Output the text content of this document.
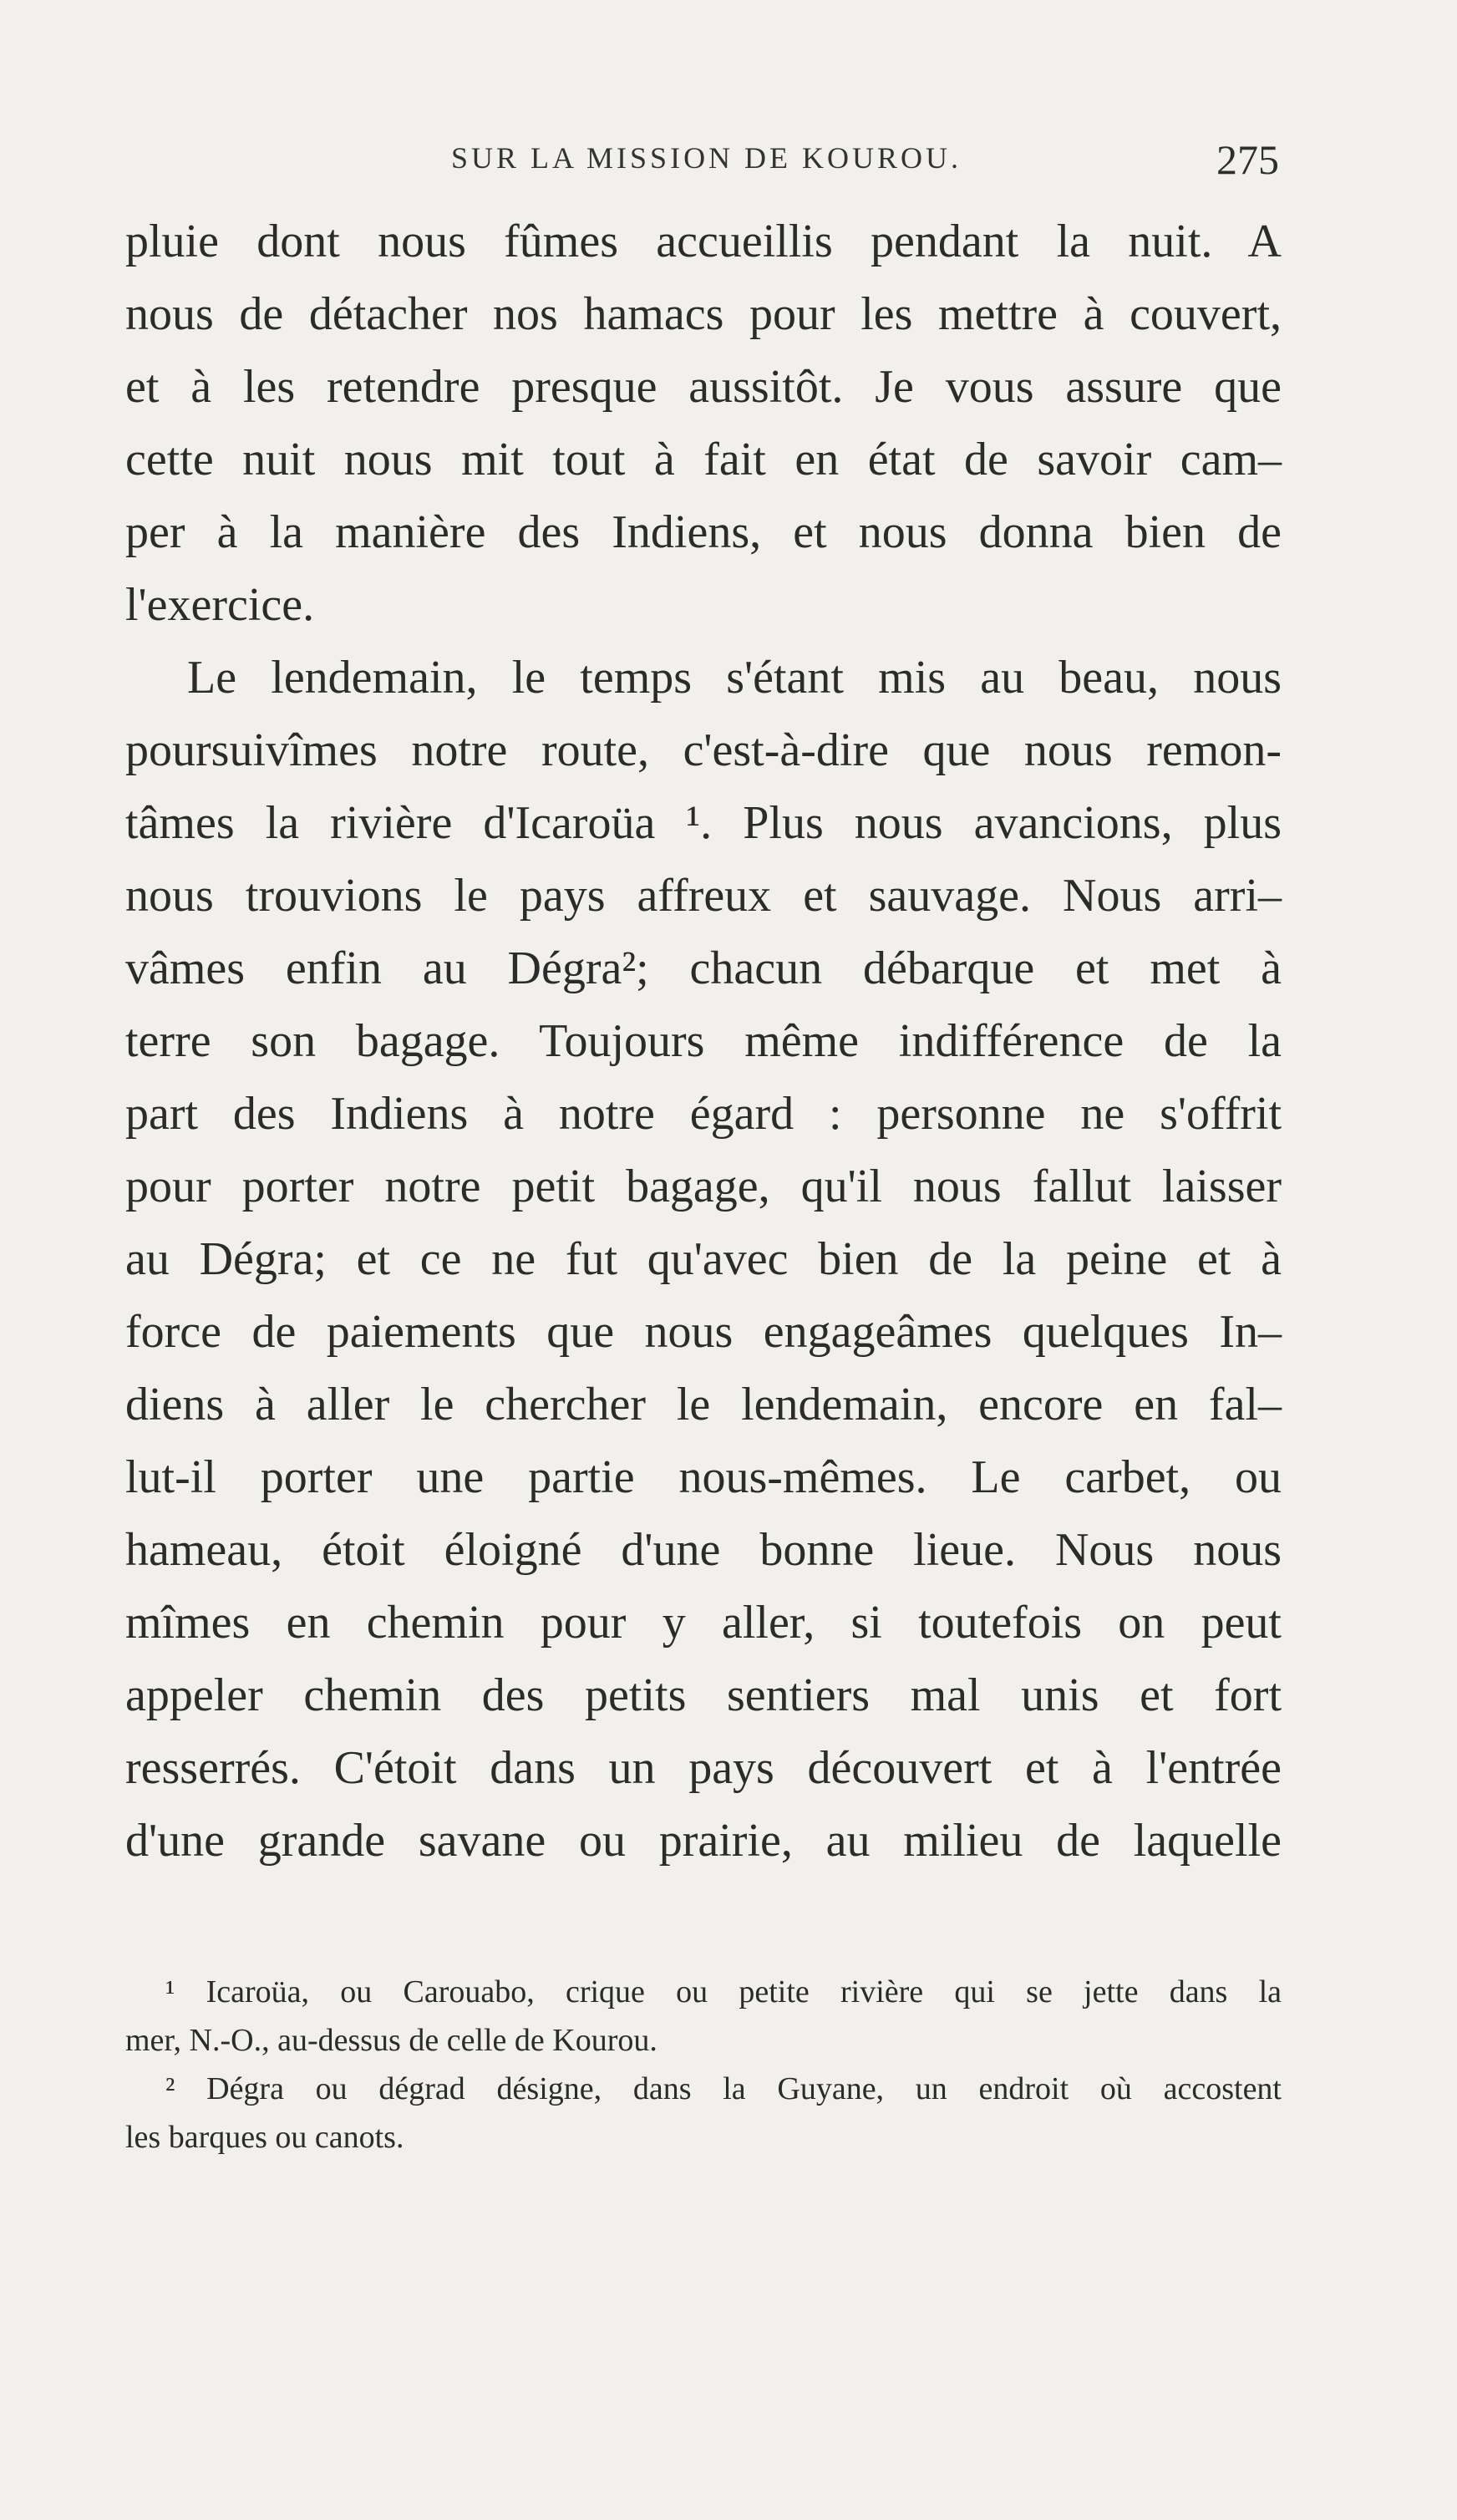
SUR LA MISSION DE KOUROU.	275
pluie dont nous fûmes accueillis pendant la nuit. A
nous de détacher nos hamacs pour les mettre à couvert,
et à les retendre presque aussitôt. Je vous assure que
cette nuit nous mit tout à fait en état de savoir cam–
per à la manière des Indiens, et nous donna bien de
l'exercice.
Le lendemain, le temps s'étant mis au beau, nous
poursuivîmes notre route, c'est-à-dire que nous remon-
tâmes la rivière d'Icaroüa ¹. Plus nous avancions, plus
nous trouvions le pays affreux et sauvage. Nous arri–
vâmes enfin au Dégra²; chacun débarque et met à
terre son bagage. Toujours même indifférence de la
part des Indiens à notre égard : personne ne s'offrit
pour porter notre petit bagage, qu'il nous fallut laisser
au Dégra; et ce ne fut qu'avec bien de la peine et à
force de paiements que nous engageâmes quelques In–
diens à aller le chercher le lendemain, encore en fal–
lut-il porter une partie nous-mêmes. Le carbet, ou
hameau, étoit éloigné d'une bonne lieue. Nous nous
mîmes en chemin pour y aller, si toutefois on peut
appeler chemin des petits sentiers mal unis et fort
resserrés. C'étoit dans un pays découvert et à l'entrée
d'une grande savane ou prairie, au milieu de laquelle
¹ Icaroüa, ou Carouabo, crique ou petite rivière qui se jette dans la
mer, N.-O., au-dessus de celle de Kourou.
² Dégra ou dégrad désigne, dans la Guyane, un endroit où accostent
les barques ou canots.
